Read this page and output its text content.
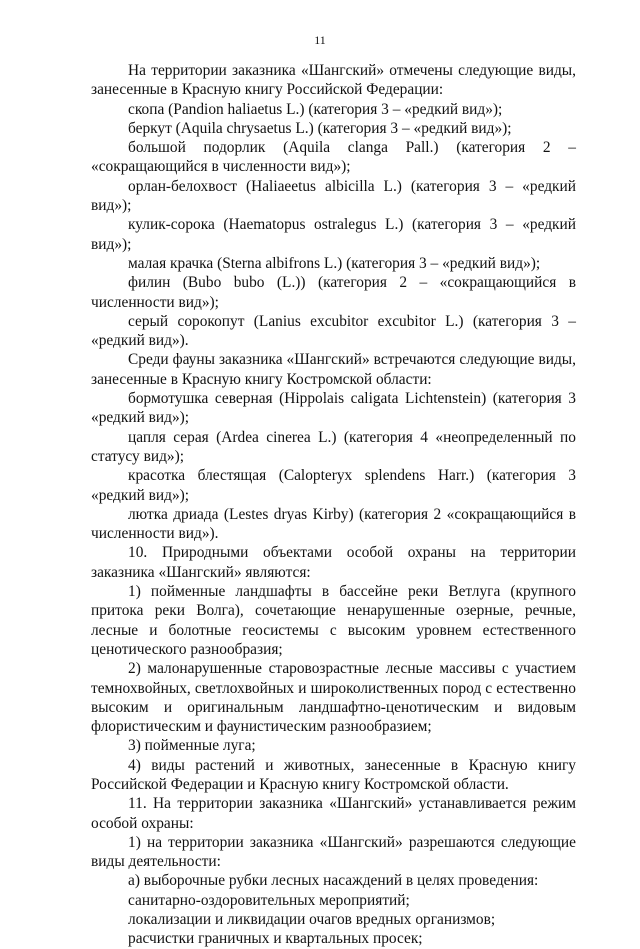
11

На территории заказника «Шангский» отмечены следующие виды, занесенные в Красную книгу Российской Федерации:

скопа (Pandion haliaetus L.) (категория 3 – «редкий вид»);

беркут (Aquila chrysaetus L.) (категория 3 – «редкий вид»);

большой подорлик (Aquila clanga Pall.) (категория 2 – «сокращающийся в численности вид»);

орлан-белохвост (Haliaeetus albicilla L.) (категория 3 – «редкий вид»);

кулик-сорока (Haematopus ostralegus L.) (категория 3 – «редкий вид»);

малая крачка (Sterna albifrons L.) (категория 3 – «редкий вид»);

филин (Bubo bubo (L.)) (категория 2 – «сокращающийся в численности вид»);

серый сорокопут (Lanius excubitor excubitor L.) (категория 3 – «редкий вид»).

Среди фауны заказника «Шангский» встречаются следующие виды, занесенные в Красную книгу Костромской области:

бормотушка северная (Hippolais caligata Lichtenstein) (категория 3 «редкий вид»);

цапля серая (Ardea cinerea L.) (категория 4 «неопределенный по статусу вид»);

красотка блестящая (Calopteryx splendens Harr.) (категория 3 «редкий вид»);

лютка дриада (Lestes dryas Kirby) (категория 2 «сокращающийся в численности вид»).

10. Природными объектами особой охраны на территории заказника «Шангский» являются:

1) пойменные ландшафты в бассейне реки Ветлуга (крупного притока реки Волга), сочетающие ненарушенные озерные, речные, лесные и болотные геосистемы с высоким уровнем естественного ценотического разнообразия;

2) малонарушенные старовозрастные лесные массивы с участием темнохвойных, светлохвойных и широколиственных пород с естественно высоким и оригинальным ландшафтно-ценотическим и видовым флористическим и фаунистическим разнообразием;

3) пойменные луга;

4) виды растений и животных, занесенные в Красную книгу Российской Федерации и Красную книгу Костромской области.

11. На территории заказника «Шангский» устанавливается режим особой охраны:

1) на территории заказника «Шангский» разрешаются следующие виды деятельности:

а) выборочные рубки лесных насаждений в целях проведения:

санитарно-оздоровительных мероприятий;

локализации и ликвидации очагов вредных организмов;

расчистки граничных и квартальных просек;
